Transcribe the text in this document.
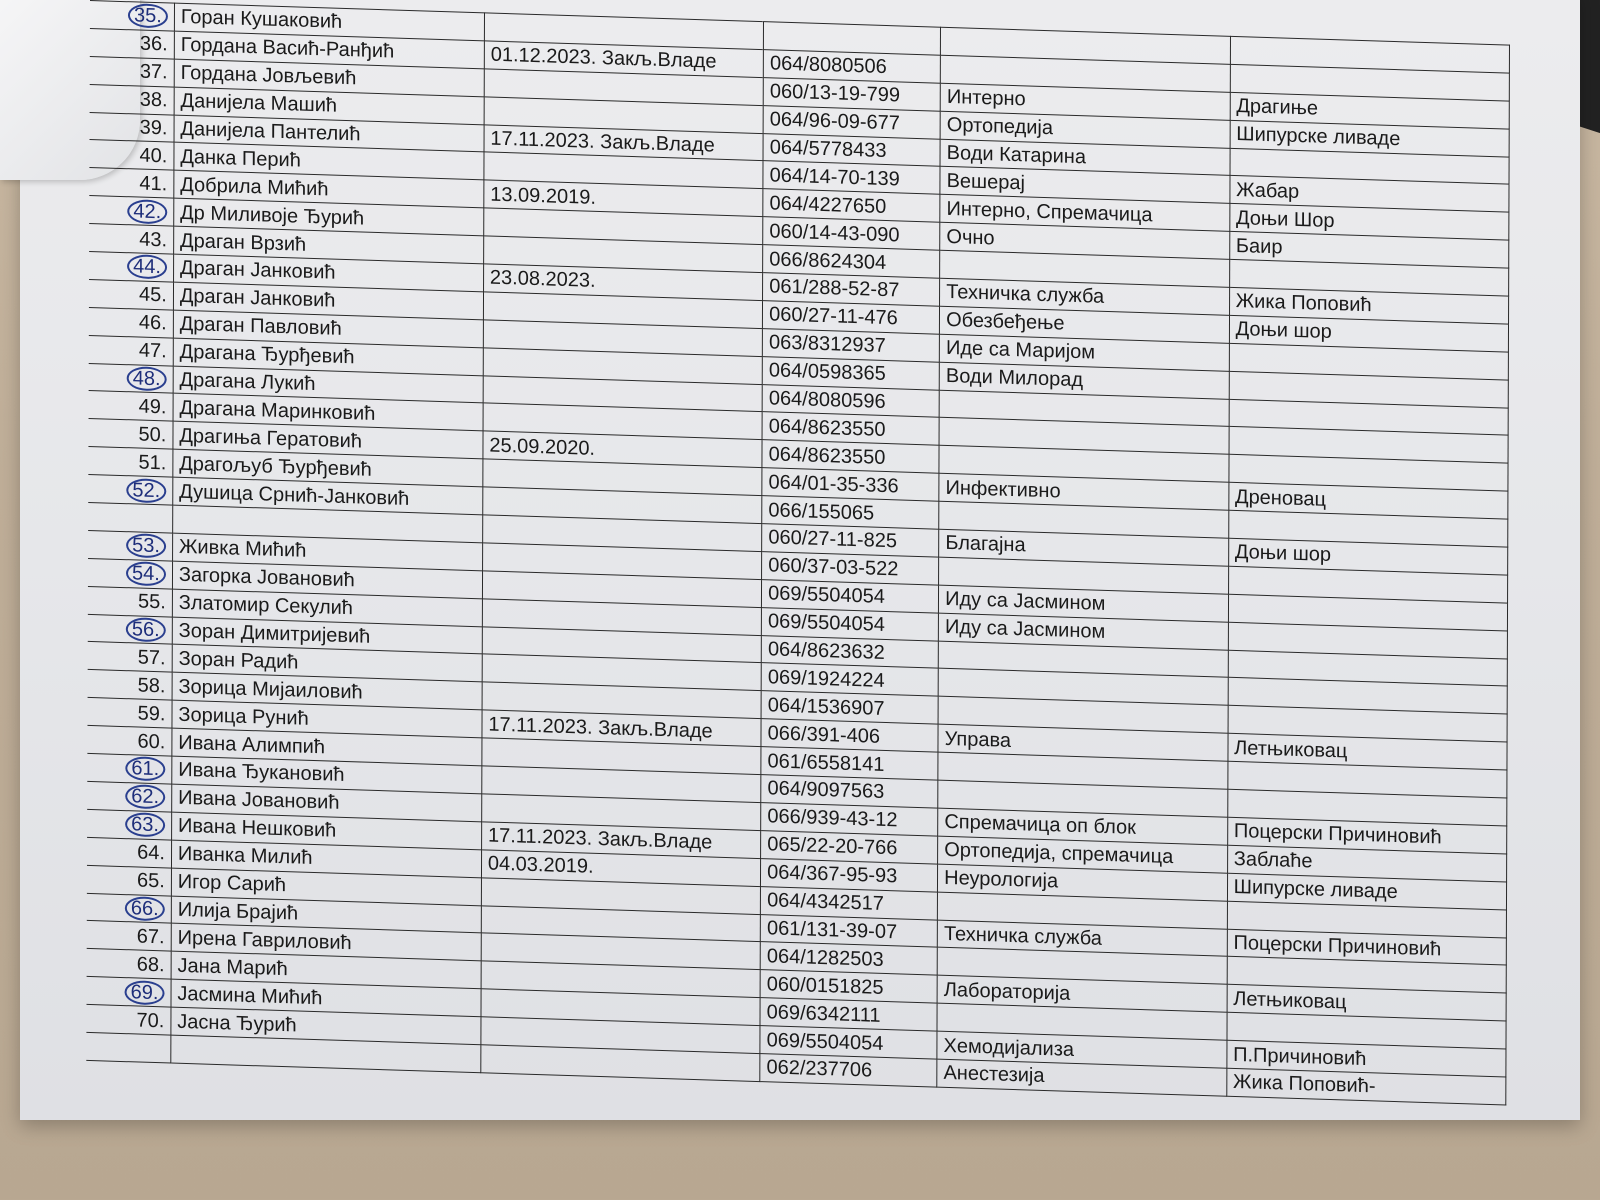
35.	Горан Кушаковић				
36.	Гордана Васић-Ранђић	01.12.2023. Закљ.Владе	064/8080506		
37.	Гордана Јовљевић		060/13-19-799	Интерно	Драгиње
38.	Данијела Машић		064/96-09-677	Ортопедија	Шипурске ливаде
39.	Данијела Пантелић	17.11.2023. Закљ.Владе	064/5778433	Води Катарина	
40.	Данка Перић		064/14-70-139	Вешерај	Жабар
41.	Добрила Мићић	13.09.2019.	064/4227650	Интерно, Спремачица	Доњи Шор
42.	Др Миливоје Ђурић		060/14-43-090	Очно	Баир
43.	Драган Врзић		066/8624304		
44.	Драган Јанковић	23.08.2023.	061/288-52-87	Техничка служба	Жика Поповић
45.	Драган Јанковић		060/27-11-476	Обезбеђење	Доњи шор
46.	Драган Павловић		063/8312937	Иде са Маријом	
47.	Драгана Ђурђевић		064/0598365	Води Милорад	
48.	Драгана Лукић		064/8080596		
49.	Драгана Маринковић		064/8623550		
50.	Драгиња Гератовић	25.09.2020.	064/8623550		
51.	Драгољуб Ђурђевић		064/01-35-336	Инфективно	Дреновац
52.	Душица Срнић-Јанковић		066/155065		
			060/27-11-825	Благајна	Доњи шор
53.	Живка Мићић		060/37-03-522		
54.	Загорка Јовановић		069/5504054	Иду са Јасмином	
55.	Златомир Секулић		069/5504054	Иду са Јасмином	
56.	Зоран Димитријевић		064/8623632		
57.	Зоран Радић		069/1924224		
58.	Зорица Мијаиловић		064/1536907		
59.	Зорица Рунић	17.11.2023. Закљ.Владе	066/391-406	Управа	Летњиковац
60.	Ивана Алимпић		061/6558141		
61.	Ивана Ђукановић		064/9097563		
62.	Ивана Јовановић		066/939-43-12	Спремачица оп блок	Поцерски Причиновић
63.	Ивана Нешковић	17.11.2023. Закљ.Владе	065/22-20-766	Ортопедија, спремачица	Заблаће
64.	Иванка Милић	04.03.2019.	064/367-95-93	Неурологија	Шипурске ливаде
65.	Игор Сарић		064/4342517		
66.	Илија Брајић		061/131-39-07	Техничка служба	Поцерски Причиновић
67.	Ирена Гавриловић		064/1282503		
68.	Јана Марић		060/0151825	Лабораторија	Летњиковац
69.	Јасмина Мићић		069/6342111		
70.	Јасна Ђурић		069/5504054	Хемодијализа	П.Причиновић
			062/237706	Анестезија	Жика Поповић-
